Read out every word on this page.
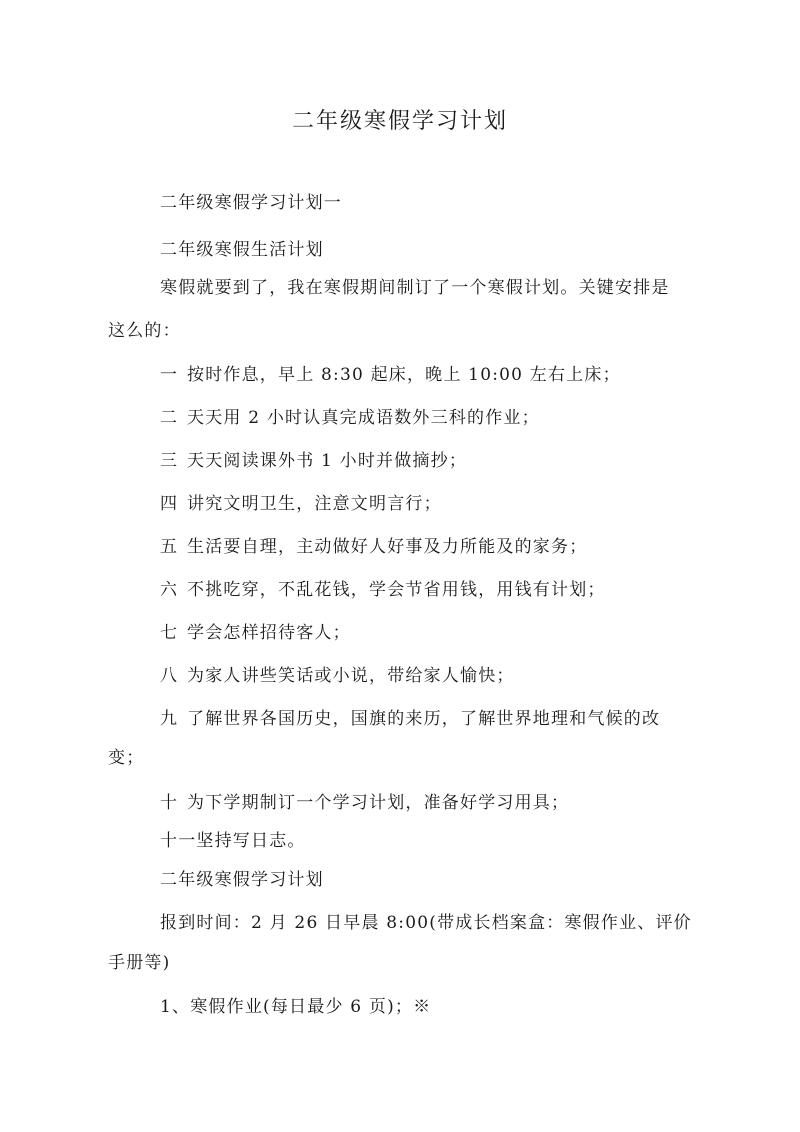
二年级寒假学习计划
二年级寒假学习计划一
二年级寒假生活计划
寒假就要到了，我在寒假期间制订了一个寒假计划。关键安排是
这么的：
一 按时作息，早上 8:30 起床，晚上 10:00 左右上床；
二 天天用 2 小时认真完成语数外三科的作业；
三 天天阅读课外书 1 小时并做摘抄；
四 讲究文明卫生，注意文明言行；
五 生活要自理，主动做好人好事及力所能及的家务；
六 不挑吃穿，不乱花钱，学会节省用钱，用钱有计划；
七 学会怎样招待客人；
八 为家人讲些笑话或小说，带给家人愉快；
九 了解世界各国历史，国旗的来历，了解世界地理和气候的改
变；
十 为下学期制订一个学习计划，准备好学习用具；
十一坚持写日志。
二年级寒假学习计划
报到时间：2 月 26 日早晨 8:00(带成长档案盒：寒假作业、评价
手册等)
1、寒假作业(每日最少 6 页)；※
